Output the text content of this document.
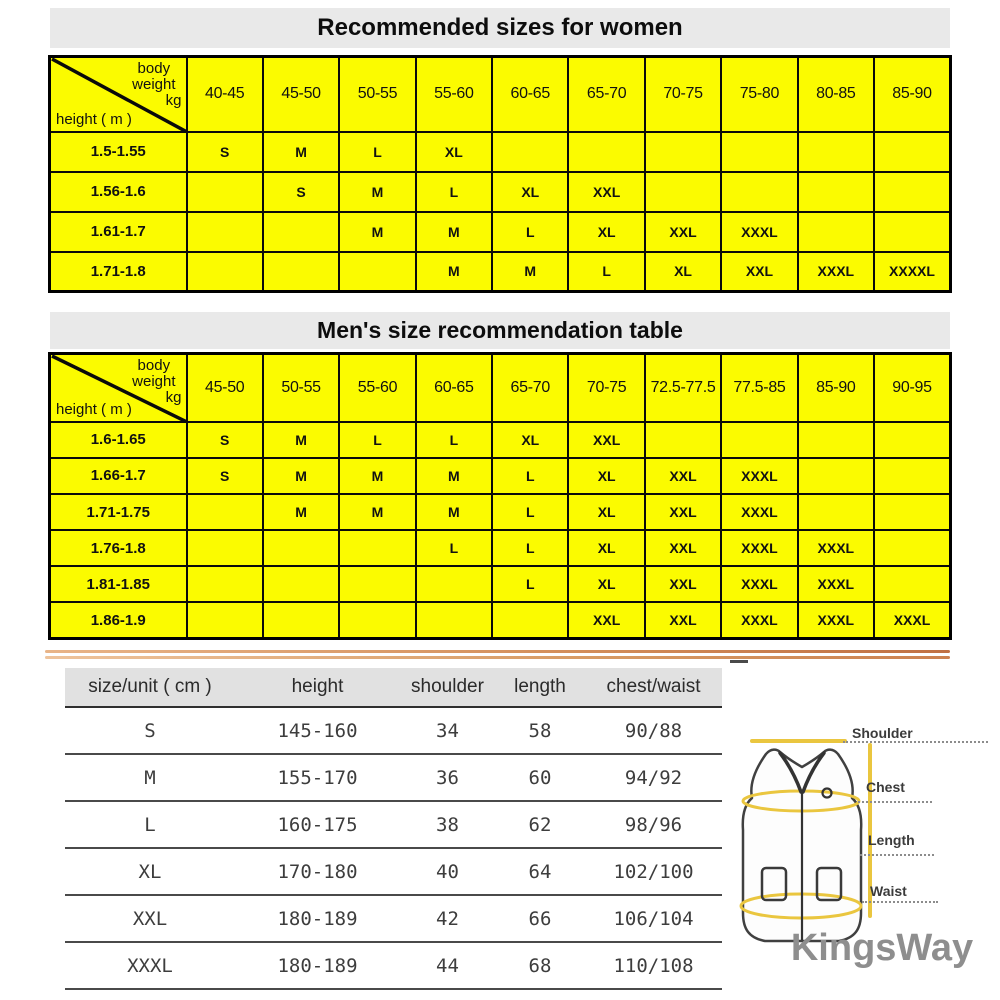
Recommended sizes for women
body
weight
kg
height ( m )	40-45	45-50	50-55	55-60	60-65	65-70	70-75	75-80	80-85	85-90
1.5-1.55	S	M	L	XL						
1.56-1.6		S	M	L	XL	XXL				
1.61-1.7			M	M	L	XL	XXL	XXXL		
1.71-1.8				M	M	L	XL	XXL	XXXL	XXXXL
Men's size recommendation table
body
weight
kg
height ( m )	45-50	50-55	55-60	60-65	65-70	70-75	72.5-77.5	77.5-85	85-90	90-95
1.6-1.65	S	M	L	L	XL	XXL				
1.66-1.7	S	M	M	M	L	XL	XXL	XXXL		
1.71-1.75		M	M	M	L	XL	XXL	XXXL		
1.76-1.8				L	L	XL	XXL	XXXL	XXXL	
1.81-1.85					L	XL	XXL	XXXL	XXXL	
1.86-1.9						XXL	XXL	XXXL	XXXL	XXXL
size/unit ( cm )	height	shoulder	length	chest/waist
S	145-160	34	58	90/88
M	155-170	36	60	94/92
L	160-175	38	62	98/96
XL	170-180	40	64	102/100
XXL	180-189	42	66	106/104
XXXL	180-189	44	68	110/108
Shoulder
Chest
Length
Waist
KingsWay
